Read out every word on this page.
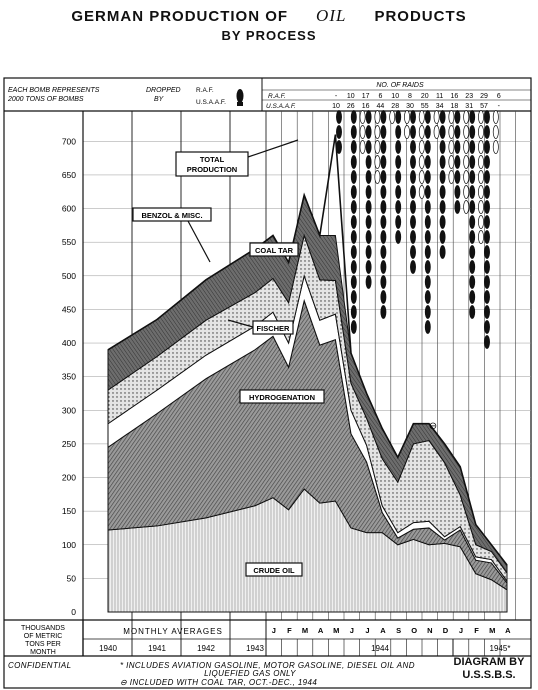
GERMAN PRODUCTION OF OIL PRODUCTS
BY PROCESS
EACH BOMB REPRESENTS
2000 TONS OF BOMBS
DROPPED
BY
R.A.F.
U.S.A.A.F.
NO. OF RAIDS
R.A.F.
U.S.A.A.F.
- 10 17 6 10 8 20 11 16 23 29 6
10 26 16 44 28 30 55 34 18 31 57 -
0
50
100
150
200
250
300
350
400
450
500
550
600
650
700
TOTAL
PRODUCTION
BENZOL & MISC.
COAL TAR
FISCHER
HYDROGENATION
CRUDE OIL
⊖
THOUSANDS
OF METRIC
TONS PER
MONTH
MONTHLY AVERAGES
1944	1945*
1940	1941	1942	1943
J F M A M J J A S O N D J F M A
CONFIDENTIAL	* INCLUDES AVIATION GASOLINE, MOTOR GASOLINE, DIESEL OIL AND
LIQUEFIED GAS ONLY
⊖ INCLUDED WITH COAL TAR, OCT.-DEC., 1944
DIAGRAM BY
U.S.S.B.S.
